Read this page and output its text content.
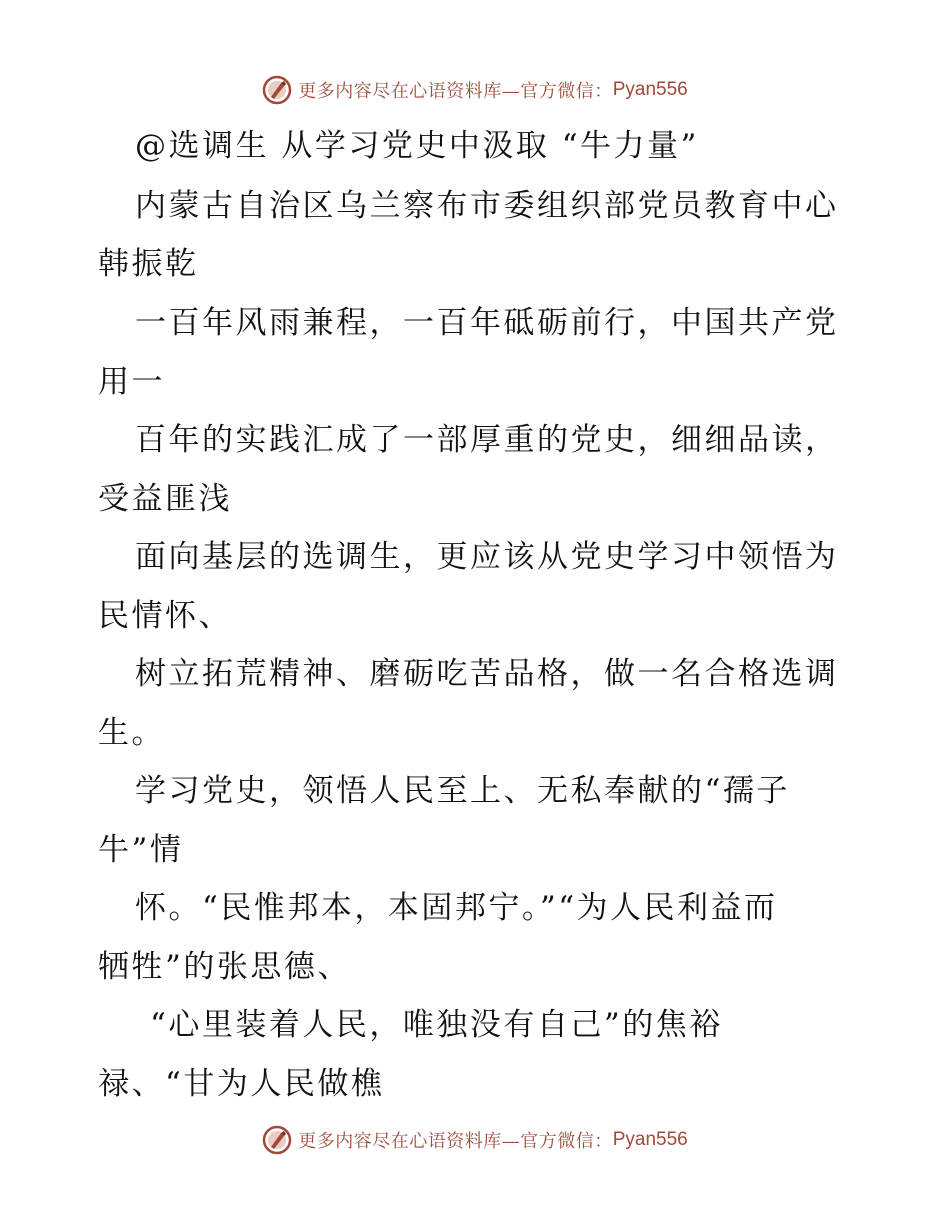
更多内容尽在心语资料库—官方微信： Pyan556
@选调生 从学习党史中汲取 “牛力量”
内蒙古自治区乌兰察布市委组织部党员教育中心
韩振乾
一百年风雨兼程，一百年砥砺前行，中国共产党
用一
百年的实践汇成了一部厚重的党史，细细品读，
受益匪浅
面向基层的选调生，更应该从党史学习中领悟为
民情怀、
树立拓荒精神、磨砺吃苦品格，做一名合格选调
生。
学习党史，领悟人民至上、无私奉献的“孺子
牛”情
怀。“民惟邦本，本固邦宁。”“为人民利益而
牺牲”的张思德、
“心里装着人民，唯独没有自己”的焦裕
禄、“甘为人民做樵
更多内容尽在心语资料库—官方微信： Pyan556
